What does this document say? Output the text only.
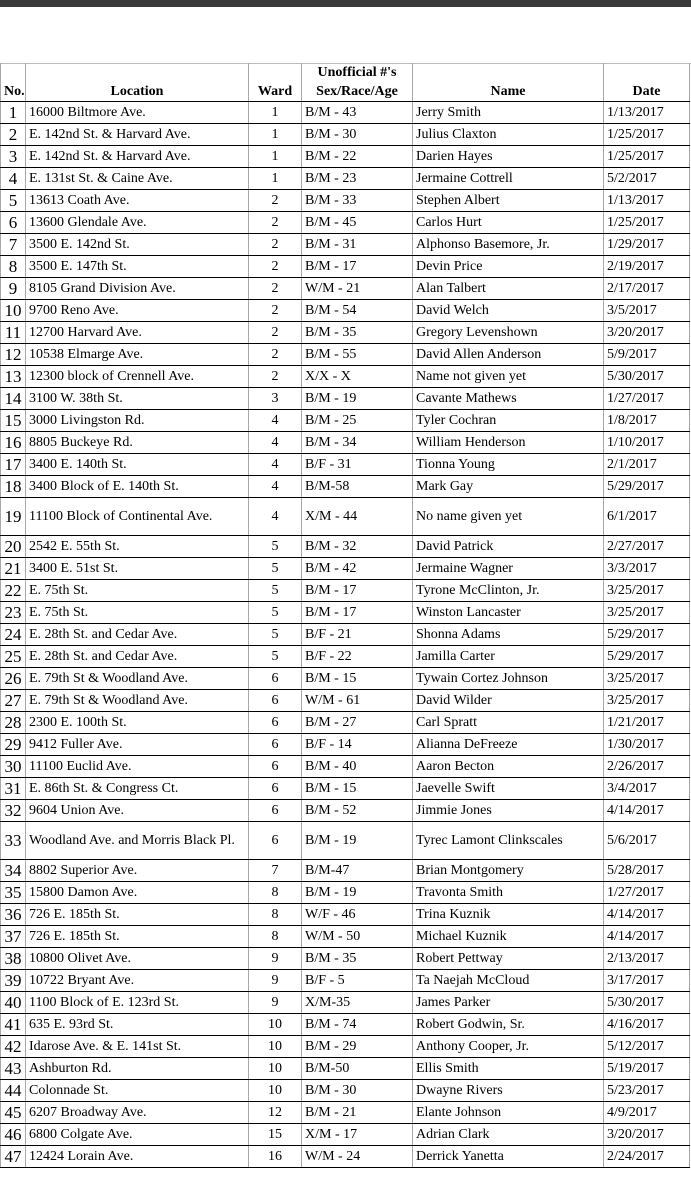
			Unofficial #'s		
No.	Location	Ward	Sex/Race/Age	Name	Date
1	16000 Biltmore Ave.	1	B/M - 43	Jerry Smith	1/13/2017
2	E. 142nd St. & Harvard Ave.	1	B/M - 30	Julius Claxton	1/25/2017
3	E. 142nd St. & Harvard Ave.	1	B/M - 22	Darien Hayes	1/25/2017
4	E. 131st St. & Caine Ave.	1	B/M - 23	Jermaine Cottrell	5/2/2017
5	13613 Coath Ave.	2	B/M - 33	Stephen Albert	1/13/2017
6	13600 Glendale Ave.	2	B/M - 45	Carlos Hurt	1/25/2017
7	3500 E. 142nd St.	2	B/M - 31	Alphonso Basemore, Jr.	1/29/2017
8	3500 E. 147th St.	2	B/M - 17	Devin Price	2/19/2017
9	8105 Grand Division Ave.	2	W/M - 21	Alan Talbert	2/17/2017
10	9700 Reno Ave.	2	B/M - 54	David Welch	3/5/2017
11	12700 Harvard Ave.	2	B/M - 35	Gregory Levenshown	3/20/2017
12	10538 Elmarge Ave.	2	B/M - 55	David Allen Anderson	5/9/2017
13	12300 block of Crennell Ave.	2	X/X - X	Name not given yet	5/30/2017
14	3100 W. 38th St.	3	B/M - 19	Cavante Mathews	1/27/2017
15	3000 Livingston Rd.	4	B/M - 25	Tyler Cochran	1/8/2017
16	8805 Buckeye Rd.	4	B/M - 34	William Henderson	1/10/2017
17	3400 E. 140th St.	4	B/F - 31	Tionna Young	2/1/2017
18	3400 Block of E. 140th St.	4	B/M-58	Mark Gay	5/29/2017
19	11100 Block of Continental Ave.	4	X/M - 44	No name given yet	6/1/2017
20	2542 E. 55th St.	5	B/M - 32	David Patrick	2/27/2017
21	3400 E. 51st St.	5	B/M - 42	Jermaine Wagner	3/3/2017
22	E. 75th St.	5	B/M - 17	Tyrone McClinton, Jr.	3/25/2017
23	E. 75th St.	5	B/M - 17	Winston Lancaster	3/25/2017
24	E. 28th St. and Cedar Ave.	5	B/F - 21	Shonna Adams	5/29/2017
25	E. 28th St. and Cedar Ave.	5	B/F - 22	Jamilla Carter	5/29/2017
26	E. 79th St & Woodland Ave.	6	B/M - 15	Tywain Cortez Johnson	3/25/2017
27	E. 79th St & Woodland Ave.	6	W/M - 61	David Wilder	3/25/2017
28	2300 E. 100th St.	6	B/M - 27	Carl Spratt	1/21/2017
29	9412 Fuller Ave.	6	B/F - 14	Alianna DeFreeze	1/30/2017
30	11100 Euclid Ave.	6	B/M - 40	Aaron Becton	2/26/2017
31	E. 86th St. & Congress Ct.	6	B/M - 15	Jaevelle Swift	3/4/2017
32	9604 Union Ave.	6	B/M - 52	Jimmie Jones	4/14/2017
33	Woodland Ave. and Morris Black Pl.	6	B/M - 19	Tyrec Lamont Clinkscales	5/6/2017
34	8802 Superior Ave.	7	B/M-47	Brian Montgomery	5/28/2017
35	15800 Damon Ave.	8	B/M - 19	Travonta Smith	1/27/2017
36	726 E. 185th St.	8	W/F - 46	Trina Kuznik	4/14/2017
37	726 E. 185th St.	8	W/M - 50	Michael Kuznik	4/14/2017
38	10800 Olivet Ave.	9	B/M - 35	Robert Pettway	2/13/2017
39	10722 Bryant Ave.	9	B/F - 5	Ta Naejah McCloud	3/17/2017
40	1100 Block of E. 123rd St.	9	X/M-35	James Parker	5/30/2017
41	635 E. 93rd St.	10	B/M - 74	Robert Godwin, Sr.	4/16/2017
42	Idarose Ave. & E. 141st St.	10	B/M - 29	Anthony Cooper, Jr.	5/12/2017
43	Ashburton Rd.	10	B/M-50	Ellis Smith	5/19/2017
44	Colonnade St.	10	B/M - 30	Dwayne Rivers	5/23/2017
45	6207 Broadway Ave.	12	B/M - 21	Elante Johnson	4/9/2017
46	6800 Colgate Ave.	15	X/M - 17	Adrian Clark	3/20/2017
47	12424 Lorain Ave.	16	W/M - 24	Derrick Yanetta	2/24/2017
